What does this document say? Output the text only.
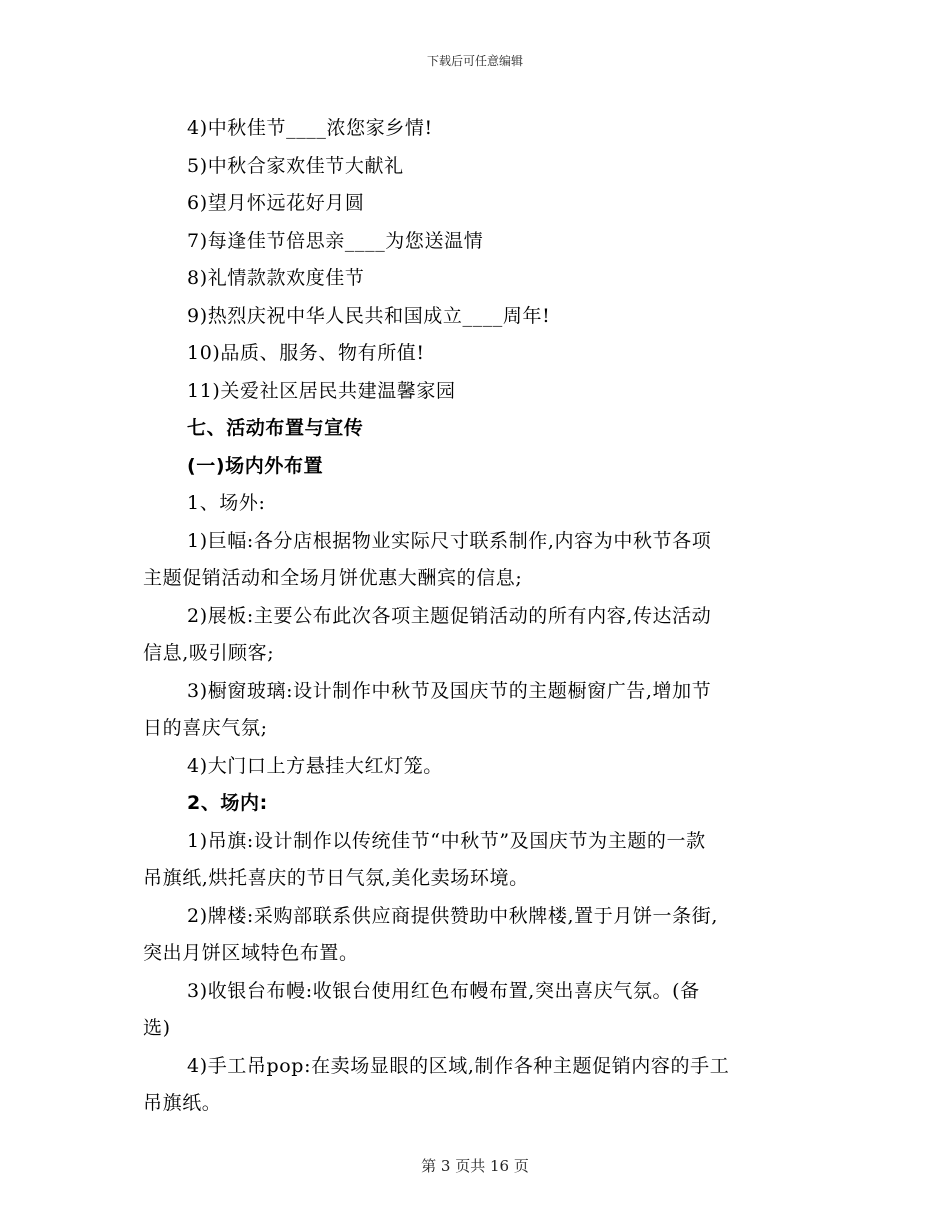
下载后可任意编辑
4)中秋佳节____浓您家乡情!
5)中秋合家欢佳节大献礼
6)望月怀远花好月圆
7)每逢佳节倍思亲____为您送温情
8)礼情款款欢度佳节
9)热烈庆祝中华人民共和国成立____周年!
10)品质、服务、物有所值!
11)关爱社区居民共建温馨家园
七、活动布置与宣传
(一)场内外布置
1、场外:
1)巨幅:各分店根据物业实际尺寸联系制作,内容为中秋节各项
主题促销活动和全场月饼优惠大酬宾的信息;
2)展板:主要公布此次各项主题促销活动的所有内容,传达活动
信息,吸引顾客;
3)橱窗玻璃:设计制作中秋节及国庆节的主题橱窗广告,增加节
日的喜庆气氛;
4)大门口上方悬挂大红灯笼。
2、场内:
1)吊旗:设计制作以传统佳节“中秋节”及国庆节为主题的一款
吊旗纸,烘托喜庆的节日气氛,美化卖场环境。
2)牌楼:采购部联系供应商提供赞助中秋牌楼,置于月饼一条街,
突出月饼区域特色布置。
3)收银台布幔:收银台使用红色布幔布置,突出喜庆气氛。(备
选)
4)手工吊pop:在卖场显眼的区域,制作各种主题促销内容的手工
吊旗纸。
第 3 页共 16 页
